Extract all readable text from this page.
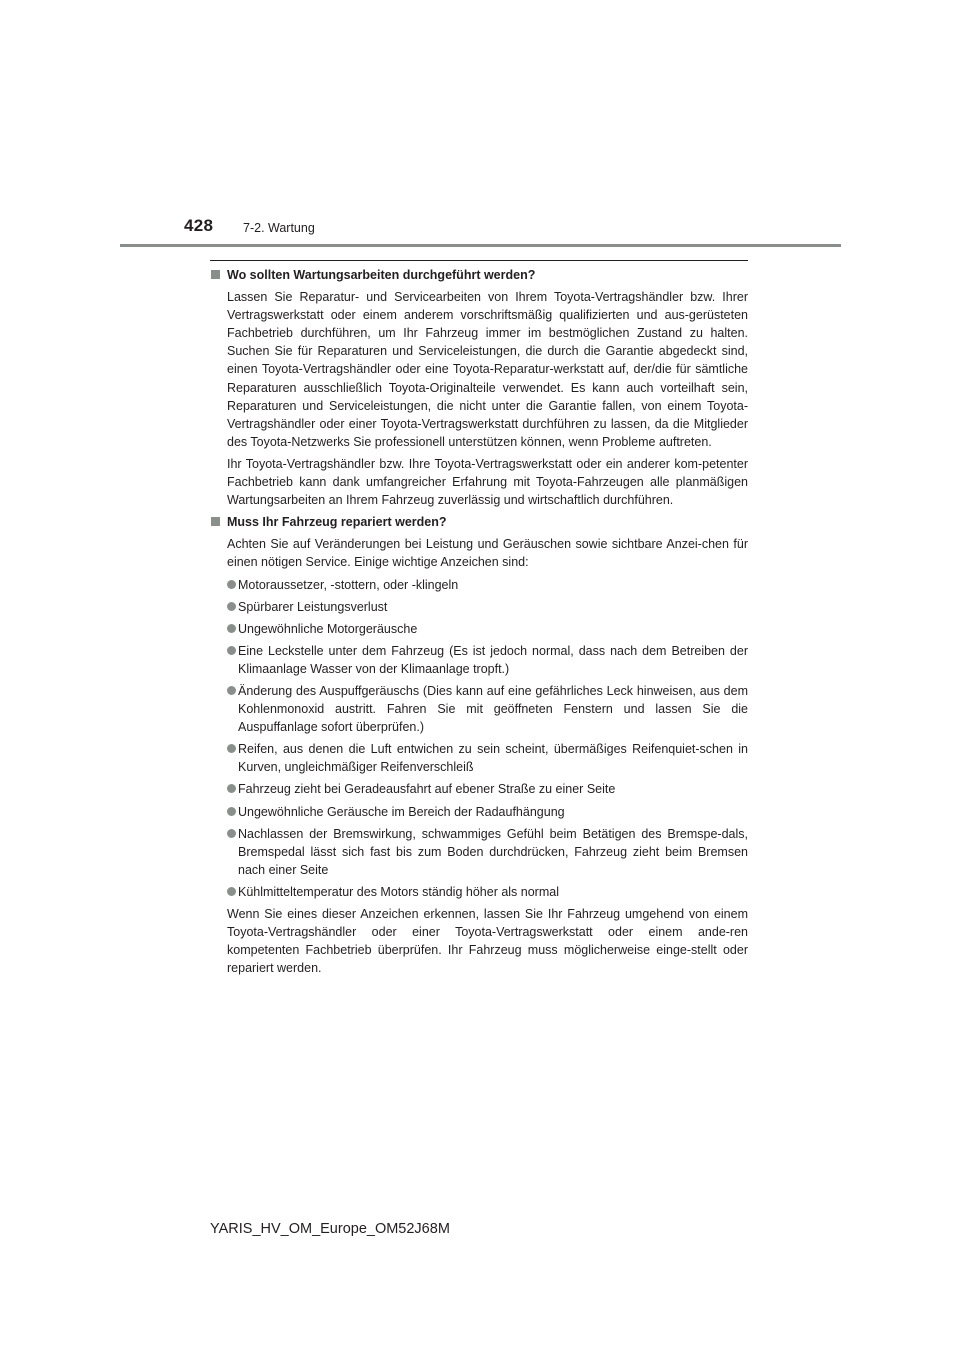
428 7-2. Wartung
Wo sollten Wartungsarbeiten durchgeführt werden?

Lassen Sie Reparatur- und Servicearbeiten von Ihrem Toyota-Vertragshändler bzw. Ihrer Vertragswerkstatt oder einem anderem vorschriftsmäßig qualifizierten und aus-gerüsteten Fachbetrieb durchführen, um Ihr Fahrzeug immer im bestmöglichen Zustand zu halten. Suchen Sie für Reparaturen und Serviceleistungen, die durch die Garantie abgedeckt sind, einen Toyota-Vertragshändler oder eine Toyota-Reparatur-werkstatt auf, der/die für sämtliche Reparaturen ausschließlich Toyota-Originalteile verwendet. Es kann auch vorteilhaft sein, Reparaturen und Serviceleistungen, die nicht unter die Garantie fallen, von einem Toyota-Vertragshändler oder einer Toyota-Vertragswerkstatt durchführen zu lassen, da die Mitglieder des Toyota-Netzwerks Sie professionell unterstützen können, wenn Probleme auftreten.

Ihr Toyota-Vertragshändler bzw. Ihre Toyota-Vertragswerkstatt oder ein anderer kom-petenter Fachbetrieb kann dank umfangreicher Erfahrung mit Toyota-Fahrzeugen alle planmäßigen Wartungsarbeiten an Ihrem Fahrzeug zuverlässig und wirtschaftlich durchführen.

Muss Ihr Fahrzeug repariert werden?

Achten Sie auf Veränderungen bei Leistung und Geräuschen sowie sichtbare Anzei-chen für einen nötigen Service. Einige wichtige Anzeichen sind:

Motoraussetzer, -stottern, oder -klingeln
Spürbarer Leistungsverlust
Ungewöhnliche Motorgeräusche
Eine Leckstelle unter dem Fahrzeug (Es ist jedoch normal, dass nach dem Betreiben der Klimaanlage Wasser von der Klimaanlage tropft.)
Änderung des Auspuffgeräuschs (Dies kann auf eine gefährliches Leck hinweisen, aus dem Kohlenmonoxid austritt. Fahren Sie mit geöffneten Fenstern und lassen Sie die Auspuffanlage sofort überprüfen.)
Reifen, aus denen die Luft entwichen zu sein scheint, übermäßiges Reifenquiet-schen in Kurven, ungleichmäßiger Reifenverschleiß
Fahrzeug zieht bei Geradeausfahrt auf ebener Straße zu einer Seite
Ungewöhnliche Geräusche im Bereich der Radaufhängung
Nachlassen der Bremswirkung, schwammiges Gefühl beim Betätigen des Bremspe-dals, Bremspedal lässt sich fast bis zum Boden durchdrücken, Fahrzeug zieht beim Bremsen nach einer Seite
Kühlmitteltemperatur des Motors ständig höher als normal

Wenn Sie eines dieser Anzeichen erkennen, lassen Sie Ihr Fahrzeug umgehend von einem Toyota-Vertragshändler oder einer Toyota-Vertragswerkstatt oder einem ande-ren kompetenten Fachbetrieb überprüfen. Ihr Fahrzeug muss möglicherweise einge-stellt oder repariert werden.

YARIS_HV_OM_Europe_OM52J68M
